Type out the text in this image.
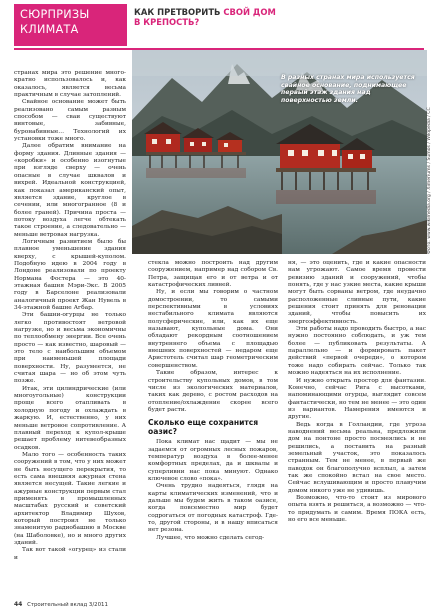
СЮРПРИЗЫ
КЛИМАТА
КАК ПРЕТВОРИТЬ СВОЙ ДОМ В КРЕПОСТЬ?
В разных странах мира используется свайное основание, поднимающее первый этаж здания над поверхностью земли.
Фото: www.wikimedia.org / Ximeriums / Sumos / Wikipedia / CC

странах мира это решение много-кратно использовалось и, как оказалось, является весьма практичным в случае затоплений.

Свайное основание может быть реализовано самым разным способом — сваи существуют винтовые, забивные, буронабивные… Технологий их установки тоже много.

Далее обратим внимание на форму здания. Длинные здания — «коробки» и особенно изогнутые при взгляде сверху — очень опасные в случае шквалов и вихрей. Идеальной конструкцией, как показал американский опыт, является здание, круглое в сечении, или многогранное (8 и более граней). Причина проста — потоку воздуха легче обтекать такое строение, а следовательно — меньше ветровая нагрузка.

Логичным развитием было бы плавное уменьшение здания кверху, с крышей-куполом. Подобную идею в 2004 году в Лондоне реализовали по проекту Нормана Фостера — это 40-этажная башня Мэри-Экс. В 2005 году в Барселоне реализовали аналогичный проект Жан Нувель в 34-этажной башне Агбар.

Эти башни-огурцы не только легко противостоят ветровой нагрузке, но и весьма экономичны по теплообмену энергии. Все очень просто — как известно, шаровый — это тело с наибольшим объемом при наименьшей площади поверхности. Ну, разумеется, не считая шара — но об этом чуть позже.

Итак, эти цилиндрические (или многоугольные) конструкции проще всего отапливать в холодную погоду и охлаждать в жаркую. И, естественно, у них меньше ветровое сопротивление. А плавный переход к купол-крыше решает проблему нитевеобразных осадков.

Мало того — особенность таких сооружений в том, что у них может не быть несущего перекрытия, то есть сама внешняя ажурная стена является несущей. Такие легкие и ажурные конструкции первым стал применять в промышленных масштабах русский и советский архитектор Владимир Шухов, который построил не только знаменитую радиобашню в Москве (на Шаболовке), но и много других зданий.

Так вот такой «огурец» из стали и

стекла можно построить над другим сооружением, например над собором Св. Петра, защищая его и от ветра и от катастрофических ливней.

Ну, и если мы говорим о частном домостроении, то самыми перспективными в условиях нестабильного климата являются полусферические, или, как их еще называют, купольные дома. Они обладают рекордным соотношением внутреннего объема с площадью внешних поверхностей — недаром еще Аристотель считал шар геометрическим совершенством.

Такие образом, интерес к строительству купольных домов, в том числе из экологических материалов, таких как дерево, с ростом расходов на отопление/охлаждение скорее всего будет расти.

Сколько еще сохранится оазис?

Пока климат нас щадит — мы не задаемся от огромных лесных пожаров, температур воздуха в более-менее комфортных пределах, да и шквалы и суперливни нас пока минуют. Однако ключевое слово «пока».

Очень трудно надеяться, глядя на карты климатических изменений, что и дальше мы будем жить в таком оазисе, когда повсеместно мир будет содрогаться от погодных катастроф. Где-то, другой стороны, и в нашу вписаться нет резона.

Лучшее, что можно сделать сегод-

ня, — это оценить, где и какие опасности нам угрожают. Самое время провести ревизию зданий и сооружений, чтобы понять, где у нас узкие места, какие крыши могут быть сорваны ветром, где неудачно расположенные сливные пути, какие решения стоит принять для реновации зданий, чтобы повысить их энергоэффективность.

Эти работы надо проводить быстро, а нас нужно постоянно соблюдать, и уж тем более — публиковать результаты. А параллельно — и формировать пакет действий «первой очереди», о котором тоже надо собирать сейчас. Только так можно надеяться на их исполнение.

И нужно открыть простор для фантазии. Конечно, сейчас Рига с высотками, напоминающими огурцы, выглядит совсем фантастически, но тем не менее — это один из вариантов. Намерения имеются и другие.

Ведь когда в Голландии, где угроза наводнений весьма реальна, предложили дом на понтоне просто посмеялись и не решились, а поставить на разный земельный участок, это показалось странным. Тем не менее, в первый же паводок он благополучно всплыл, а затем так же спокойно встал на свое место. Сейчас вслушивающим и просто плавучим домом никого уже не удивишь.

Возможно, что-то стоит из мирового опыта взять и решиться, а возможно — что-то придумать и самим. Время ПОКА есть, но его все меньше.

44 Строительный вклад 3/2011
